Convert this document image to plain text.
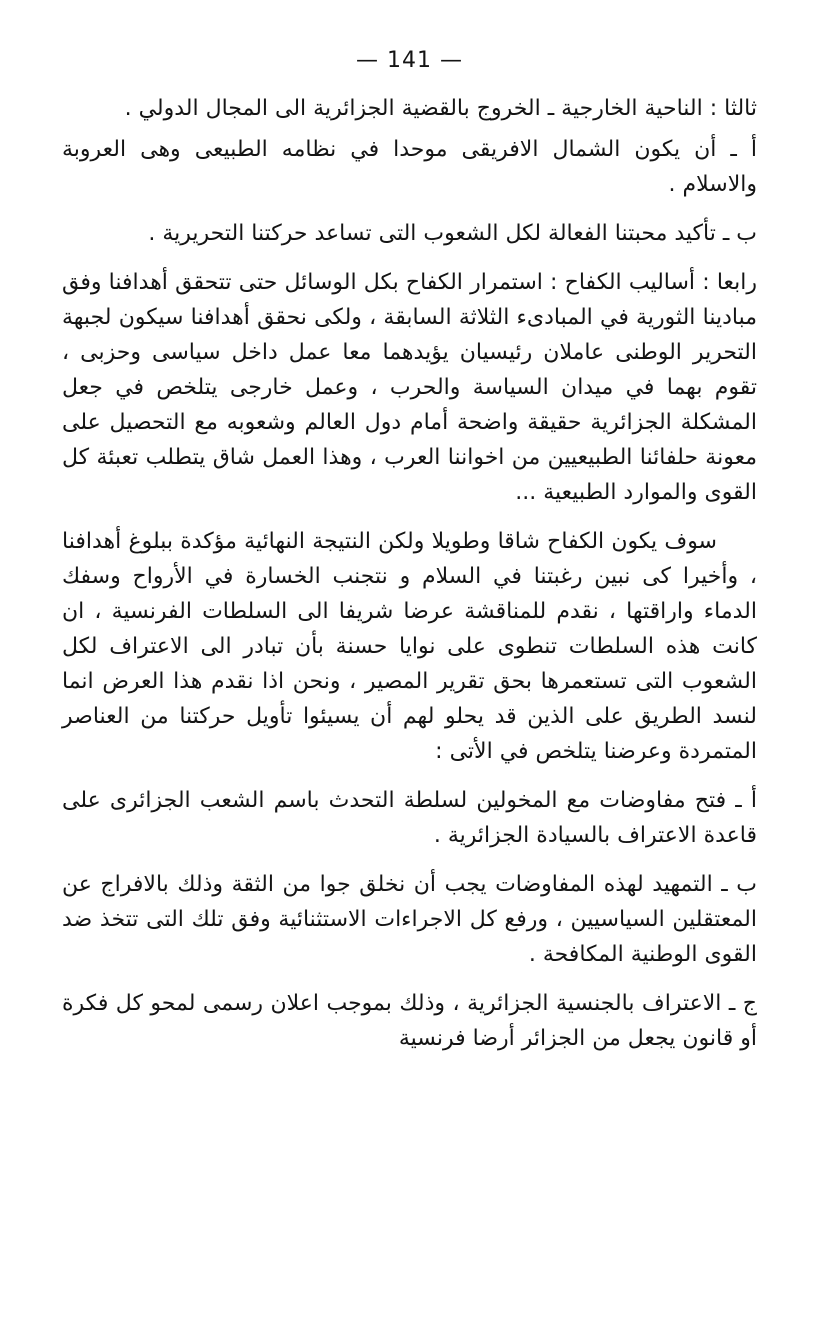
— 141 —

ثالثا : الناحية الخارجية ـ الخروج بالقضية الجزائرية الى المجال الدولي .

أ ـ أن يكون الشمال الافريقى موحدا في نظامه الطبيعى وهى العروبة والاسلام .

ب ـ تأكيد محبتنا الفعالة لكل الشعوب التى تساعد حركتنا التحريرية .

رابعا : أساليب الكفاح : استمرار الكفاح بكل الوسائل حتى تتحقق أهدافنا وفق مبادينا الثورية في المبادىء الثلاثة السابقة ، ولكى نحقق أهدافنا سيكون لجبهة التحرير الوطنى عاملان رئيسيان يؤيدهما معا عمل داخل سياسى وحزبى ، تقوم بهما في ميدان السياسة والحرب ، وعمل خارجى يتلخص في جعل المشكلة الجزائرية حقيقة واضحة أمام دول العالم وشعوبه مع التحصيل على معونة حلفائنا الطبيعيين من اخواننا العرب ، وهذا العمل شاق يتطلب تعبئة كل القوى والموارد الطبيعية ...

سوف يكون الكفاح شاقا وطويلا ولكن النتيجة النهائية مؤكدة ببلوغ أهدافنا ، وأخيرا كى نبين رغبتنا في السلام و نتجنب الخسارة في الأرواح وسفك الدماء واراقتها ، نقدم للمناقشة عرضا شريفا الى السلطات الفرنسية ، ان كانت هذه السلطات تنطوى على نوايا حسنة بأن تبادر الى الاعتراف لكل الشعوب التى تستعمرها بحق تقرير المصير ، ونحن اذا نقدم هذا العرض انما لنسد الطريق على الذين قد يحلو لهم أن يسيئوا تأويل حركتنا من العناصر المتمردة وعرضنا يتلخص في الأتى :

أ ـ فتح مفاوضات مع المخولين لسلطة التحدث باسم الشعب الجزائرى على قاعدة الاعتراف بالسيادة الجزائرية .

ب ـ التمهيد لهذه المفاوضات يجب أن نخلق جوا من الثقة وذلك بالافراج عن المعتقلين السياسيين ، ورفع كل الاجراءات الاستثنائية وفق تلك التى تتخذ ضد القوى الوطنية المكافحة .

ج ـ الاعتراف بالجنسية الجزائرية ، وذلك بموجب اعلان رسمى لمحو كل فكرة أو قانون يجعل من الجزائر أرضا فرنسية
